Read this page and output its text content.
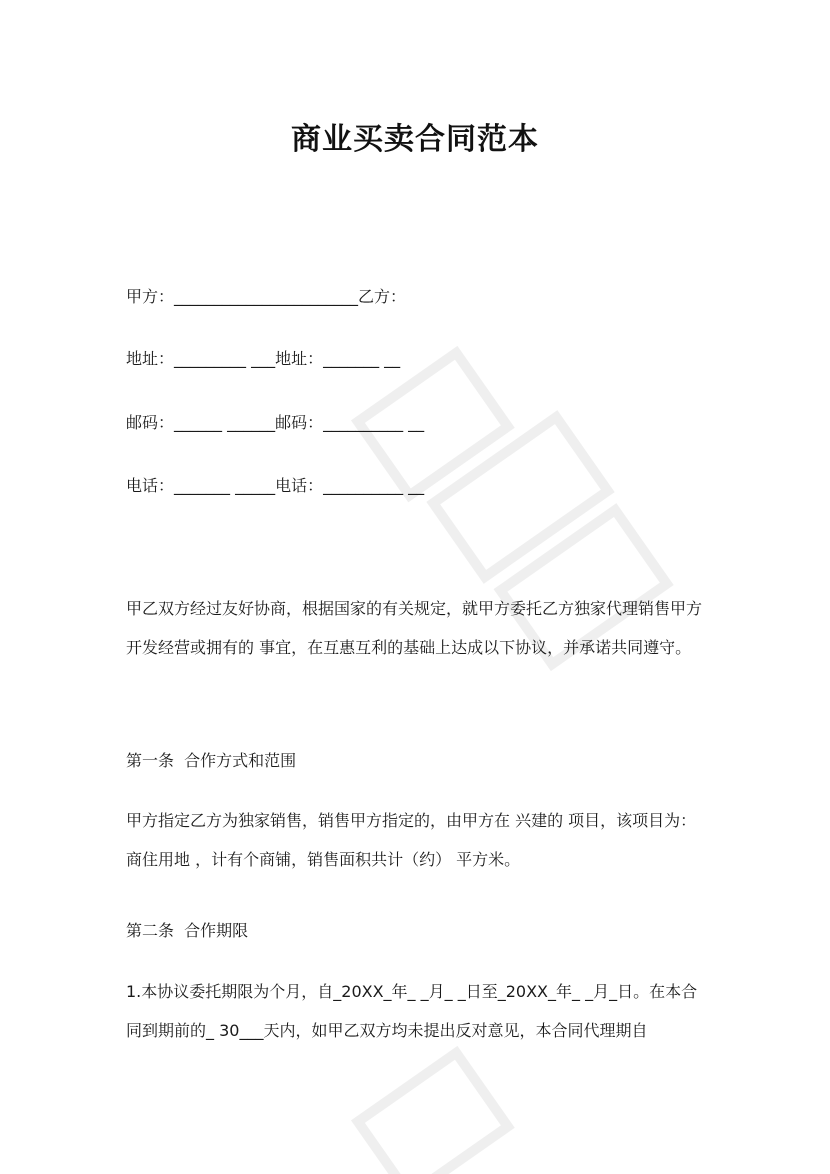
商业买卖合同范本
甲方：_______________________乙方：
地址：_________ ___地址：_______ __
邮码：______ ______邮码：__________ __
电话：_______ _____电话：__________ __
甲乙双方经过友好协商，根据国家的有关规定，就甲方委托乙方独家代理销售甲方开发经营或拥有的 事宜，在互惠互利的基础上达成以下协议，并承诺共同遵守。
第一条  合作方式和范围
甲方指定乙方为独家销售，销售甲方指定的，由甲方在 兴建的 项目，该项目为： 商住用地 ，计有个商铺，销售面积共计（约） 平方米。
第二条  合作期限
1.本协议委托期限为个月，自_20XX_年_ _月_ _日至_20XX_年_ _月_日。在本合同到期前的_ 30___天内，如甲乙双方均未提出反对意见，本合同代理期自
